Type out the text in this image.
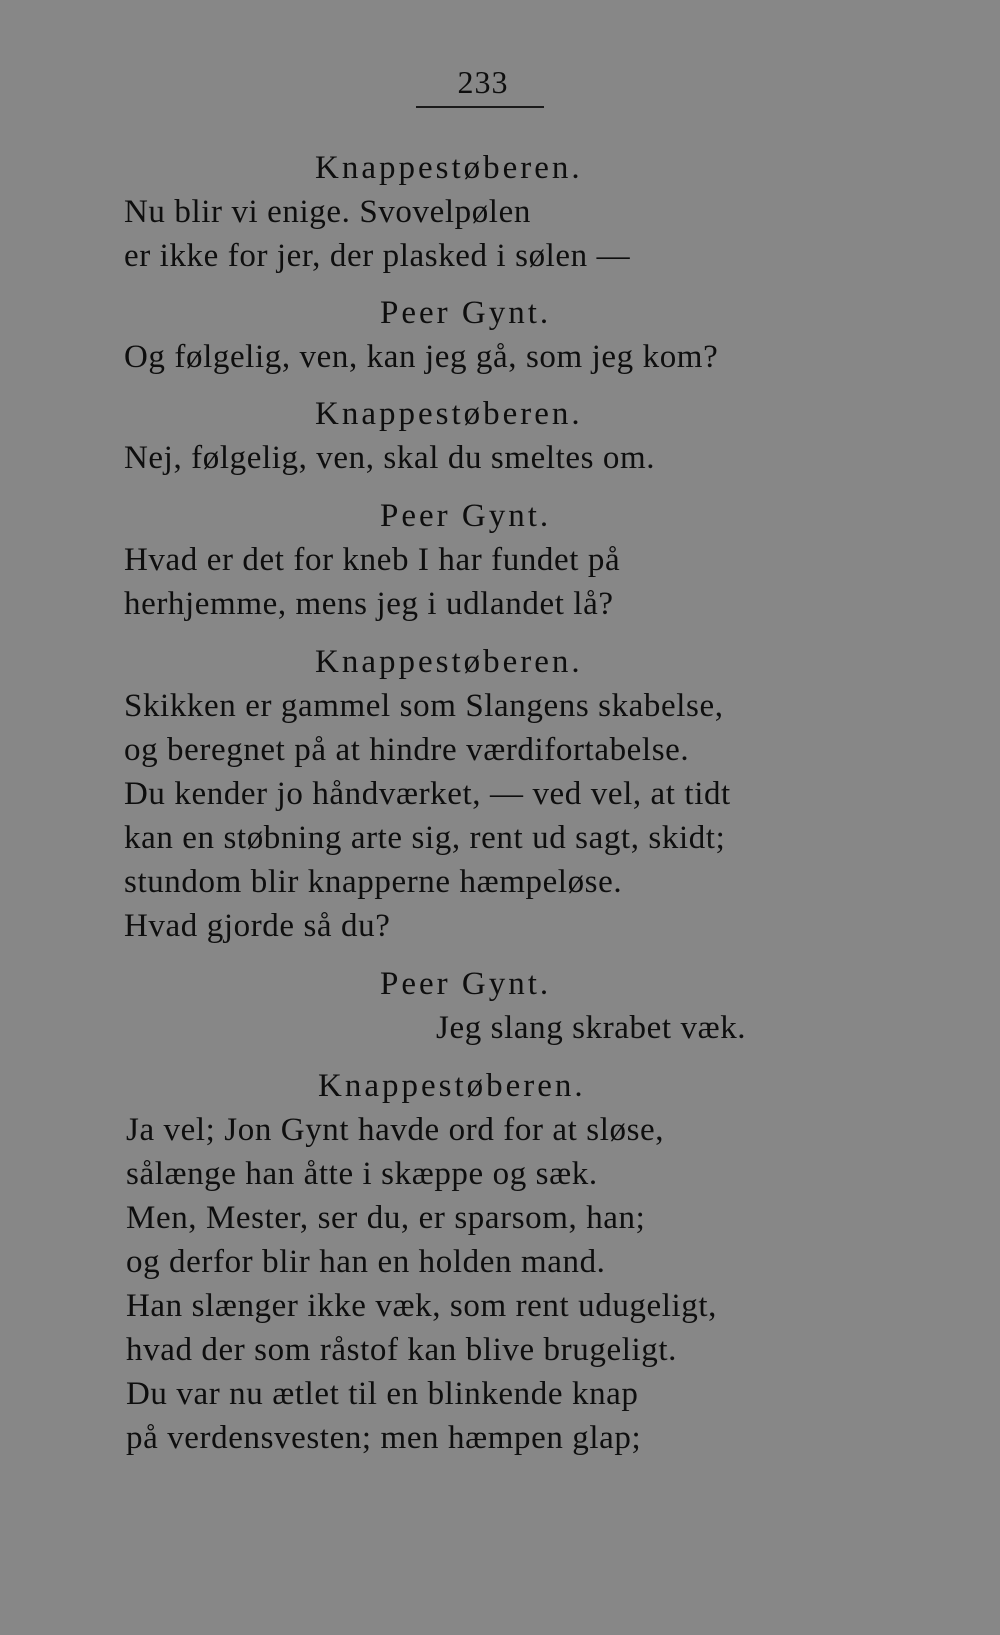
233
Knappestøberen.
Nu blir vi enige. Svovelpølen
er ikke for jer, der plasked i sølen —
Peer Gynt.
Og følgelig, ven, kan jeg gå, som jeg kom?
Knappestøberen.
Nej, følgelig, ven, skal du smeltes om.
Peer Gynt.
Hvad er det for kneb I har fundet på
herhjemme, mens jeg i udlandet lå?
Knappestøberen.
Skikken er gammel som Slangens skabelse,
og beregnet på at hindre værdifortabelse.
Du kender jo håndværket, — ved vel, at tidt
kan en støbning arte sig, rent ud sagt, skidt;
stundom blir knapperne hæmpeløse.
Hvad gjorde så du?
Peer Gynt.
Jeg slang skrabet væk.
Knappestøberen.
Ja vel; Jon Gynt havde ord for at sløse,
sålænge han åtte i skæppe og sæk.
Men, Mester, ser du, er sparsom, han;
og derfor blir han en holden mand.
Han slænger ikke væk, som rent udugeligt,
hvad der som råstof kan blive brugeligt.
Du var nu ætlet til en blinkende knap
på verdensvesten; men hæmpen glap;
